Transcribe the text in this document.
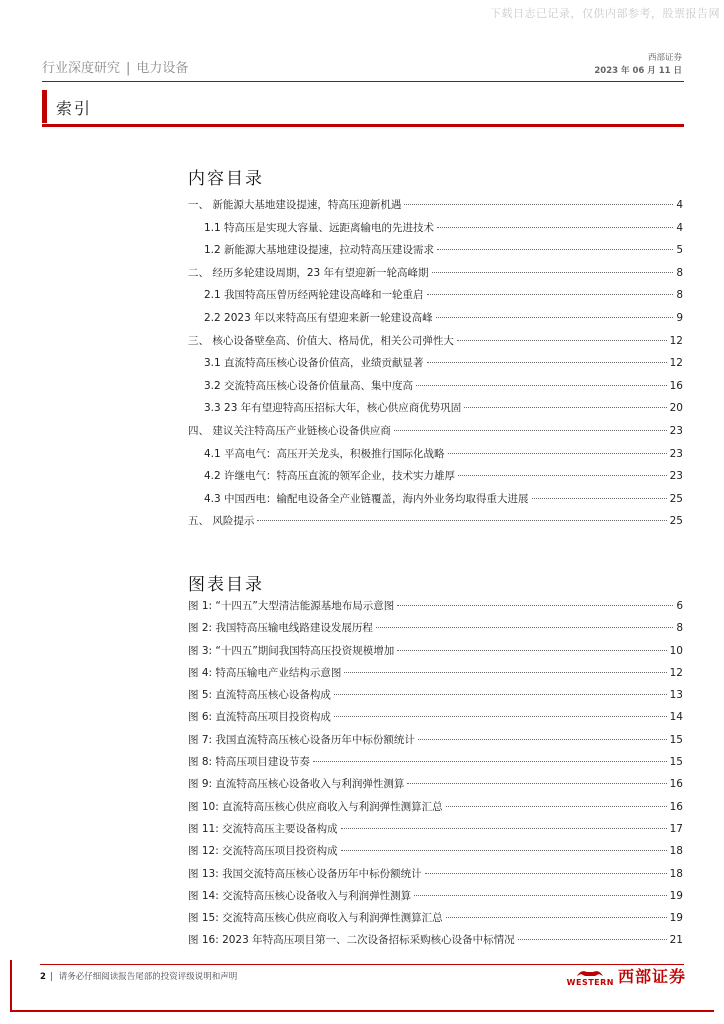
下载日志已记录，仅供内部参考，股票报告网
行业深度研究 | 电力设备
西部证券
2023 年 06 月 11 日
索引
内容目录
一、 新能源大基地建设提速，特高压迎新机遇	4
1.1 特高压是实现大容量、远距离输电的先进技术	4
1.2 新能源大基地建设提速，拉动特高压建设需求	5
二、 经历多轮建设周期，23 年有望迎新一轮高峰期	8
2.1 我国特高压曾历经两轮建设高峰和一轮重启	8
2.2 2023 年以来特高压有望迎来新一轮建设高峰	9
三、 核心设备壁垒高、价值大、格局优，相关公司弹性大	12
3.1 直流特高压核心设备价值高，业绩贡献显著	12
3.2 交流特高压核心设备价值量高、集中度高	16
3.3 23 年有望迎特高压招标大年，核心供应商优势巩固	20
四、 建议关注特高压产业链核心设备供应商	23
4.1 平高电气：高压开关龙头，积极推行国际化战略	23
4.2 许继电气：特高压直流的领军企业，技术实力雄厚	23
4.3 中国西电：输配电设备全产业链覆盖，海内外业务均取得重大进展	25
五、 风险提示	25
图表目录
图 1: “十四五”大型清洁能源基地布局示意图	6
图 2: 我国特高压输电线路建设发展历程	8
图 3: “十四五”期间我国特高压投资规模增加	10
图 4: 特高压输电产业结构示意图	12
图 5: 直流特高压核心设备构成	13
图 6: 直流特高压项目投资构成	14
图 7: 我国直流特高压核心设备历年中标份额统计	15
图 8: 特高压项目建设节奏	15
图 9: 直流特高压核心设备收入与利润弹性测算	16
图 10: 直流特高压核心供应商收入与利润弹性测算汇总	16
图 11: 交流特高压主要设备构成	17
图 12: 交流特高压项目投资构成	18
图 13: 我国交流特高压核心设备历年中标份额统计	18
图 14: 交流特高压核心设备收入与利润弹性测算	19
图 15: 交流特高压核心供应商收入与利润弹性测算汇总	19
图 16: 2023 年特高压项目第一、二次设备招标采购核心设备中标情况	21
2 | 请务必仔细阅读报告尾部的投资评级说明和声明
WESTERN 西部证券
